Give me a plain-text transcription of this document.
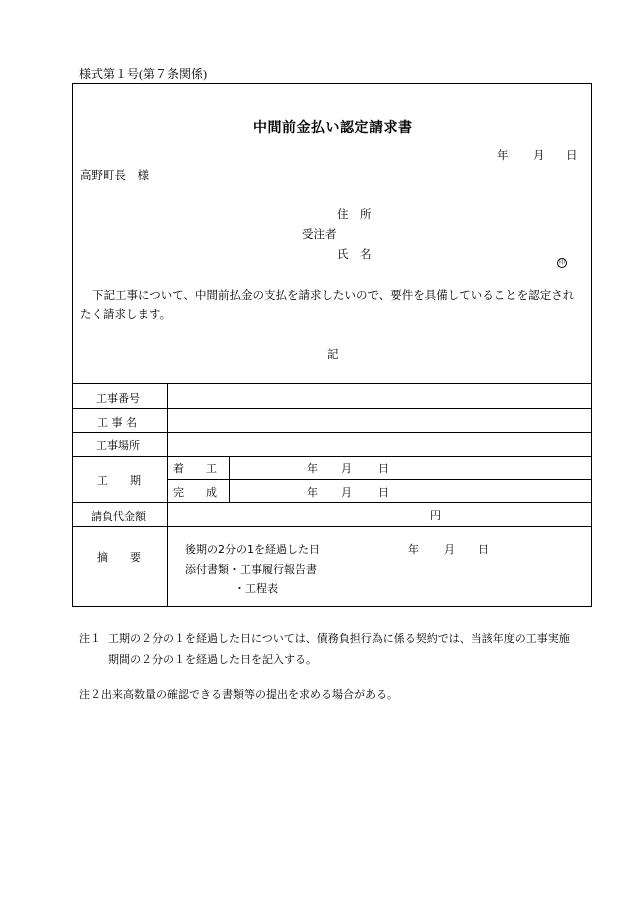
様式第１号(第７条関係)
中間前金払い認定請求書
年 月 日
高野町長　様
住　所
受注者
氏　名
印
下記工事について、中間前払金の支払を請求したいので、要件を具備していることを認定され
たく請求します。
記
工事番号
工 事 名
工事場所
工　　期
着　　工	年 月 日
完　　成	年 月 日
請負代金額	円
摘　　要
後期の2分の1を経過した日	年 月 日
添付書類・工事履行報告書
・工程表
注１ 工期の２分の１を経過した日については、債務負担行為に係る契約では、当該年度の工事実施
期間の２分の１を経過した日を記入する。
注２出来高数量の確認できる書類等の提出を求める場合がある。
